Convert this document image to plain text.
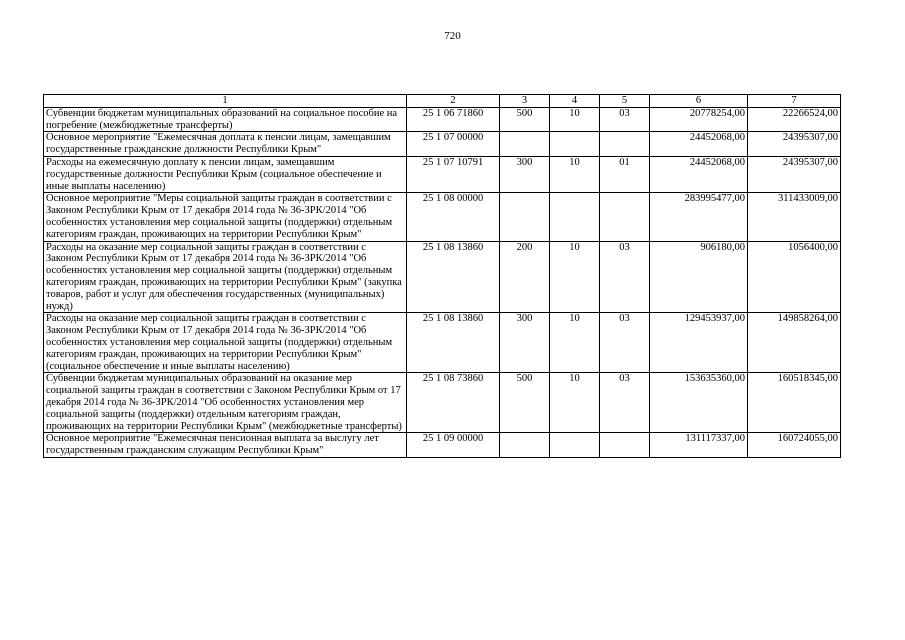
720
1	2	3	4	5	6	7
Субвенции бюджетам муниципальных образований на социальное пособие на погребение (межбюджетные трансферты)	25 1 06 71860	500	10	03	20778254,00	22266524,00
Основное мероприятие "Ежемесячная доплата к пенсии лицам, замещавшим государственные гражданские должности Республики Крым"	25 1 07 00000				24452068,00	24395307,00
Расходы на ежемесячную доплату к пенсии лицам, замещавшим государственные должности Республики Крым (социальное обеспечение и иные выплаты населению)	25 1 07 10791	300	10	01	24452068,00	24395307,00
Основное мероприятие "Меры социальной защиты граждан в соответствии с Законом Республики Крым от 17 декабря 2014 года № 36-ЗРК/2014 "Об особенностях установления мер социальной защиты (поддержки) отдельным категориям граждан, проживающих на территории Республики Крым"	25 1 08 00000				283995477,00	311433009,00
Расходы на оказание мер социальной защиты граждан в соответствии с Законом Республики Крым от 17 декабря 2014 года № 36-ЗРК/2014 "Об особенностях установления мер социальной защиты (поддержки) отдельным категориям граждан, проживающих на территории Республики Крым" (закупка товаров, работ и услуг для обеспечения государственных (муниципальных) нужд)	25 1 08 13860	200	10	03	906180,00	1056400,00
Расходы на оказание мер социальной защиты граждан в соответствии с Законом Республики Крым от 17 декабря 2014 года № 36-ЗРК/2014 "Об особенностях установления мер социальной защиты (поддержки) отдельным категориям граждан, проживающих на территории Республики Крым" (социальное обеспечение и иные выплаты населению)	25 1 08 13860	300	10	03	129453937,00	149858264,00
Субвенции бюджетам муниципальных образований на оказание мер социальной защиты граждан в соответствии с Законом Республики Крым от 17 декабря 2014 года № 36-ЗРК/2014 "Об особенностях установления мер социальной защиты (поддержки) отдельным категориям граждан, проживающих на территории Республики Крым" (межбюджетные трансферты)	25 1 08 73860	500	10	03	153635360,00	160518345,00
Основное мероприятие "Ежемесячная пенсионная выплата за выслугу лет государственным гражданским служащим Республики Крым"	25 1 09 00000				131117337,00	160724055,00
